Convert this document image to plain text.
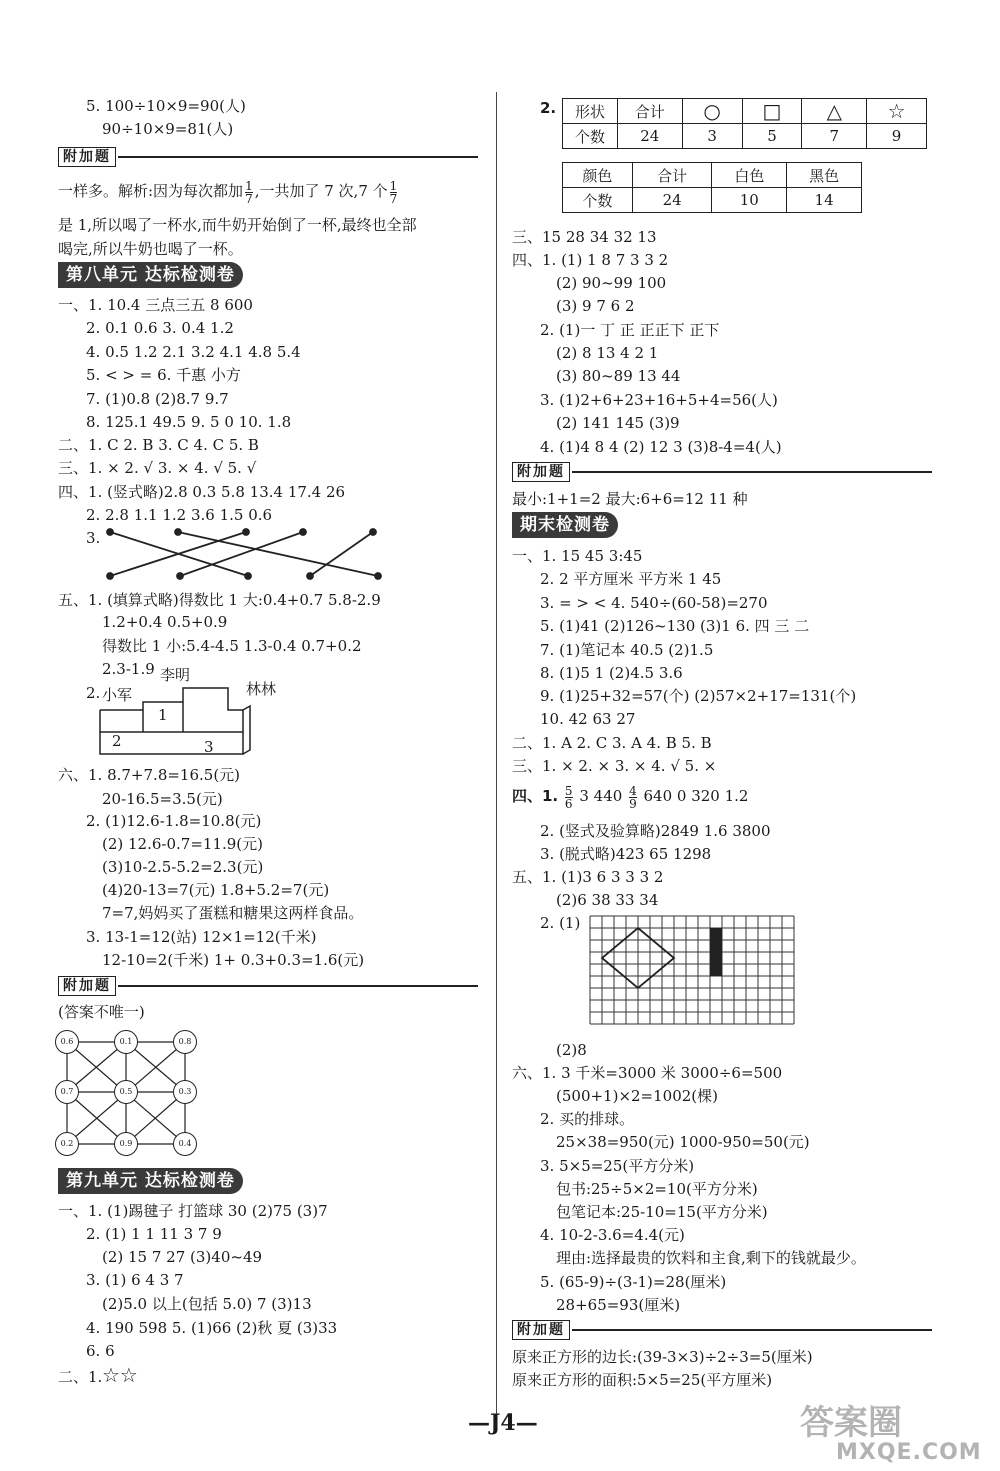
5. 100÷10×9=90(人)
90÷10×9=81(人)
附加题
一样多。解析:因为每次都加 $\frac{1}{7}$ ,一共加了 7 次,7 个 $\frac{1}{7}$
是 1,所以喝了一杯水,而牛奶开始倒了一杯,最终也全部
喝完,所以牛奶也喝了一杯。
第八单元 达标检测卷
一、1. 10.4 三点三五 8 600
2. 0.1 0.6 3. 0.4 1.2
4. 0.5 1.2 2.1 3.2 4.1 4.8 5.4
5. < > = 6. 千惠 小方
7. (1)0.8 (2)8.7 9.7
8. 125.1 49.5 9. 5 0 10. 1.8
二、1. C 2. B 3. C 4. C 5. B
三、1. × 2. √ 3. × 4. √ 5. √
四、1. (竖式略)2.8 0.3 5.8 13.4 17.4 26
2. 2.8 1.1 1.2 3.6 1.5 0.6
3.
五、1. (填算式略)得数比 1 大:0.4+0.7 5.8-2.9
1.2+0.4 0.5+0.9
得数比 1 小:5.4-4.5 1.3-0.4 0.7+0.2
2.3-1.9
2. 小军
李明
林林
1
2	3
六、1. 8.7+7.8=16.5(元)
20-16.5=3.5(元)
2. (1)12.6-1.8=10.8(元)
(2) 12.6-0.7=11.9(元)
(3)10-2.5-5.2=2.3(元)
(4)20-13=7(元) 1.8+5.2=7(元)
7=7,妈妈买了蛋糕和糖果这两样食品。
3. 13-1=12(站) 12×1=12(千米)
12-10=2(千米) 1+ 0.3+0.3=1.6(元)
附加题
(答案不唯一)
0.6	0.1	0.8
0.7	0.5	0.3
0.2	0.9	0.4
第九单元 达标检测卷
一、1. (1)踢毽子 打篮球 30 (2)75 (3)7
2. (1) 1 1 11 3 7 9
(2) 15 7 27 (3)40~49
3. (1) 6 4 3 7
(2)5.0 以上(包括 5.0) 7 (3)13
4. 190 598 5. (1)66 (2)秋 夏 (3)33
6. 6
二、1. ☆☆
2. 形状	合计	○	□	△	☆
个数	24	3	5	7	9
颜色	合计	白色	黑色
个数	24	10	14
三、15 28 34 32 13
四、1. (1) 1 8 7 3 3 2
(2) 90~99 100
(3) 9 7 6 2
2. (1)一 丁 正 正正下 正下
(2) 8 13 4 2 1
(3) 80~89 13 44
3. (1)2+6+23+16+5+4=56(人)
(2) 141 145 (3)9
4. (1)4 8 4 (2) 12 3 (3)8-4=4(人)
附加题
最小:1+1=2 最大:6+6=12 11 种
期末检测卷
一、1. 15 45 3:45
2. 2 平方厘米 平方米 1 45
3. = > < 4. 540÷(60-58)=270
5. (1)41 (2)126~130 (3)1 6. 四 三 二
7. (1)笔记本 40.5 (2)1.5
8. (1)5 1 (2)4.5 3.6
9. (1)25+32=57(个) (2)57×2+17=131(个)
10. 42 63 27
二、1. A 2. C 3. A 4. B 5. B
三、1. × 2. × 3. × 4. √ 5. ×
四、1. $\frac{5}{6} 3$ $440 \frac{4}{9} 640$ 0 320 1.2
2. (竖式及验算略)2849 1.6 3800
3. (脱式略)423 65 1298
五、1. (1)3 6 3 3 3 2
(2)6 38 33 34
2. (1)
(2)8
六、1. 3 千米=3000 米 3000÷6=500
(500+1)×2=1002(棵)
2. 买的排球。
25×38=950(元) 1000-950=50(元)
3. 5×5=25(平方分米)
包书:25÷5×2=10(平方分米)
包笔记本:25-10=15(平方分米)
4. 10-2-3.6=4.4(元)
理由:选择最贵的饮料和主食,剩下的钱就最少。
5. (65-9)÷(3-1)=28(厘米)
28+65=93(厘米)
附加题
原来正方形的边长:(39-3×3)÷2÷3=5(厘米)
原来正方形的面积:5×5=25(平方厘米)
—J4—	答案圈
MXQE.COM
